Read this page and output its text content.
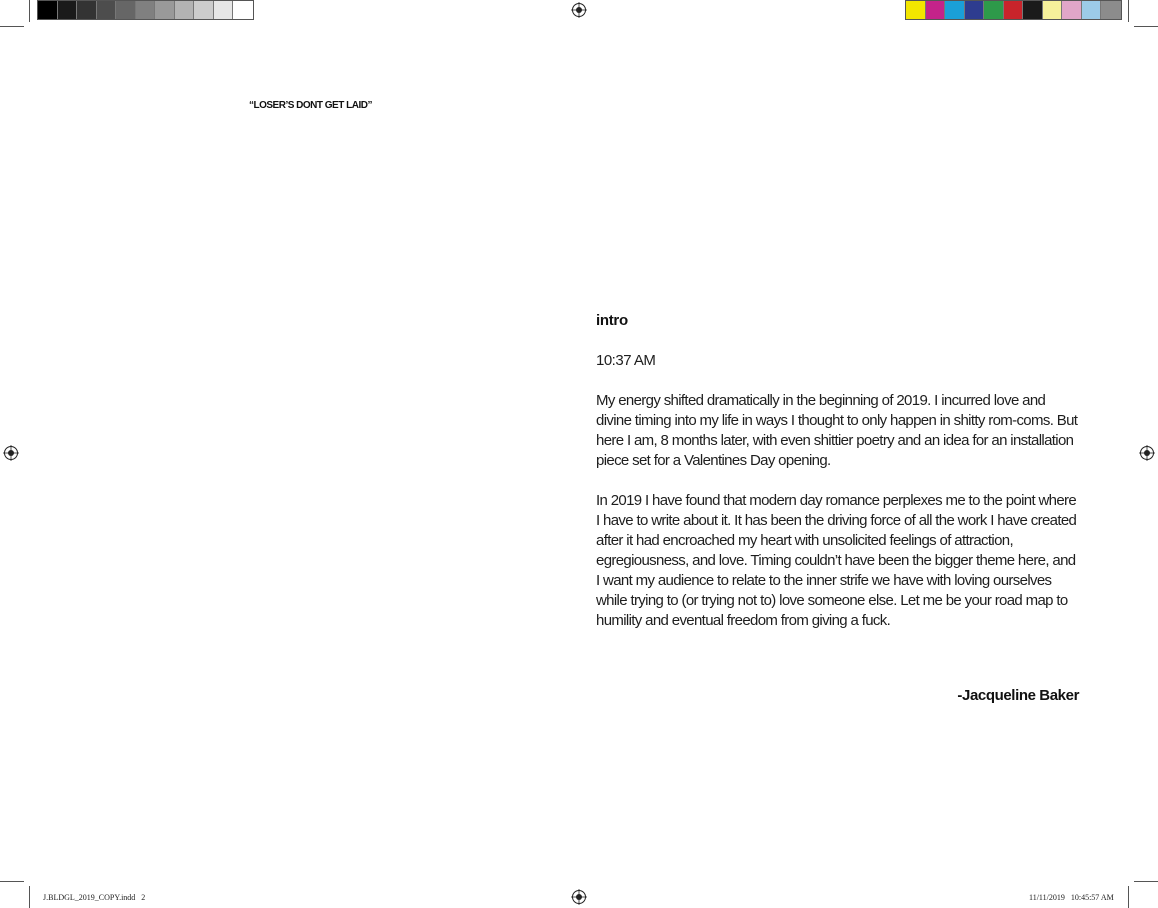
“LOSER’S DONT GET LAID”
intro
10:37 AM

My energy shifted dramatically in the beginning of 2019. I incurred love and divine timing into my life in ways I thought to only happen in shitty rom-coms. But here I am, 8 months later, with even shittier poetry and an idea for an installation piece set for a Valentines Day opening.

In 2019 I have found that modern day romance perplexes me to the point where I have to write about it. It has been the driving force of all the work I have created after it had encroached my heart with unsolicited feelings of attraction, egregiousness, and love. Timing couldn’t have been the bigger theme here, and I want my audience to relate to the inner strife we have with loving ourselves while trying to (or trying not to) love someone else. Let me be your road map to humility and eventual freedom from giving a fuck.

-Jacqueline Baker
J.BLDGL_2019_COPY.indd   2	11/11/2019   10:45:57 AM
